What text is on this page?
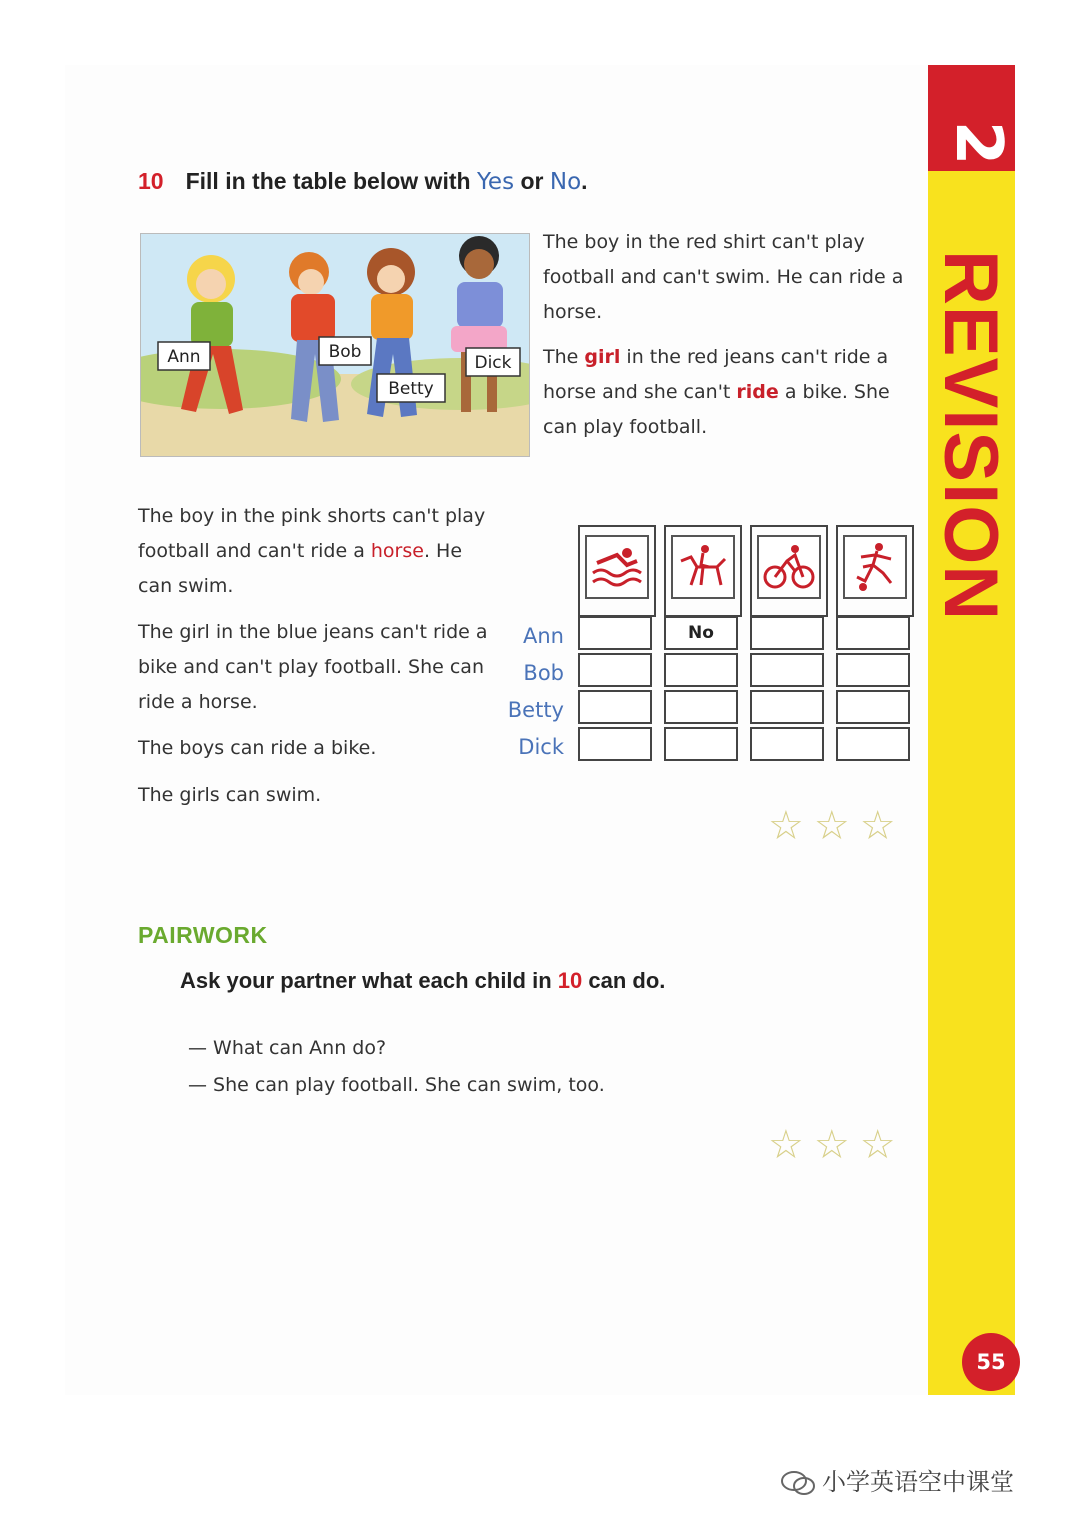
2
REVISION
55
10 Fill in the table below with Yes or No.
Ann	Bob
Betty
Dick
The boy in the red shirt can't play football and can't swim. He can ride a horse.
The girl in the red jeans can't ride a horse and she can't ride a bike. She can play football.
The boy in the pink shorts can't play football and can't ride a horse. He can swim.
The girl in the blue jeans can't ride a bike and can't play football. She can ride a horse.
The boys can ride a bike.
The girls can swim.
Ann
Bob
Betty
Dick
No
☆☆☆
PAIRWORK
Ask your partner what each child in 10 can do.
— What can Ann do?
— She can play football. She can swim, too.
☆☆☆
小学英语空中课堂
